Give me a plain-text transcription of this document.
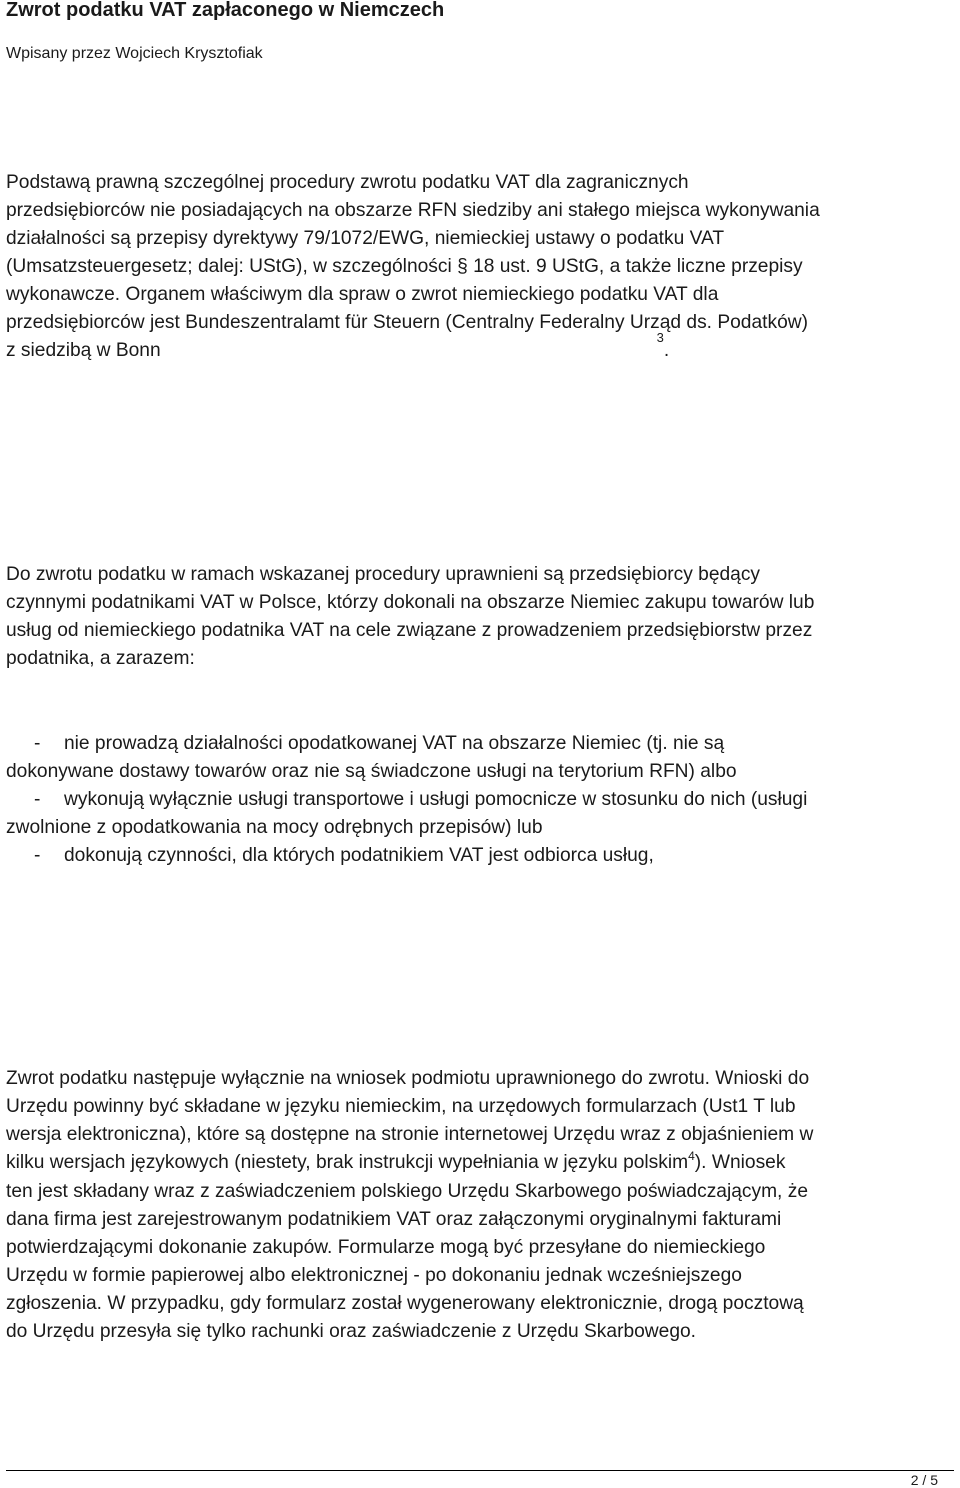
Zwrot podatku VAT zapłaconego w Niemczech
Wpisany przez Wojciech Krysztofiak
Podstawą prawną szczególnej procedury zwrotu podatku VAT dla zagranicznych
przedsiębiorców nie posiadających na obszarze RFN siedziby ani stałego miejsca wykonywania
działalności są przepisy dyrektywy 79/1072/EWG, niemieckiej ustawy o podatku VAT
(Umsatzsteuergesetz; dalej: UStG), w szczególności § 18 ust. 9 UStG, a także liczne przepisy
wykonawcze. Organem właściwym dla spraw o zwrot niemieckiego podatku VAT dla
przedsiębiorców jest Bundeszentralamt für Steuern (Centralny Federalny Urząd ds. Podatków)
z siedzibą w Bonn$^3$.
Do zwrotu podatku w ramach wskazanej procedury uprawnieni są przedsiębiorcy będący
czynnymi podatnikami VAT w Polsce, którzy dokonali na obszarze Niemiec zakupu towarów lub
usług od niemieckiego podatnika VAT na cele związane z prowadzeniem przedsiębiorstw przez
podatnika, a zarazem:
- nie prowadzą działalności opodatkowanej VAT na obszarze Niemiec (tj. nie są
dokonywane dostawy towarów oraz nie są świadczone usługi na terytorium RFN) albo
- wykonują wyłącznie usługi transportowe i usługi pomocnicze w stosunku do nich (usługi
zwolnione z opodatkowania na mocy odrębnych przepisów) lub
- dokonują czynności, dla których podatnikiem VAT jest odbiorca usług,
Zwrot podatku następuje wyłącznie na wniosek podmiotu uprawnionego do zwrotu. Wnioski do
Urzędu powinny być składane w języku niemieckim, na urzędowych formularzach (Ust1 T lub
wersja elektroniczna), które są dostępne na stronie internetowej Urzędu wraz z objaśnieniem w
kilku wersjach językowych (niestety, brak instrukcji wypełniania w języku polskim$^4$). Wniosek
ten jest składany wraz z zaświadczeniem polskiego Urzędu Skarbowego poświadczającym, że
dana firma jest zarejestrowanym podatnikiem VAT oraz załączonymi oryginalnymi fakturami
potwierdzającymi dokonanie zakupów. Formularze mogą być przesyłane do niemieckiego
Urzędu w formie papierowej albo elektronicznej - po dokonaniu jednak wcześniejszego
zgłoszenia. W przypadku, gdy formularz został wygenerowany elektronicznie, drogą pocztową
do Urzędu przesyła się tylko rachunki oraz zaświadczenie z Urzędu Skarbowego.
2 / 5
